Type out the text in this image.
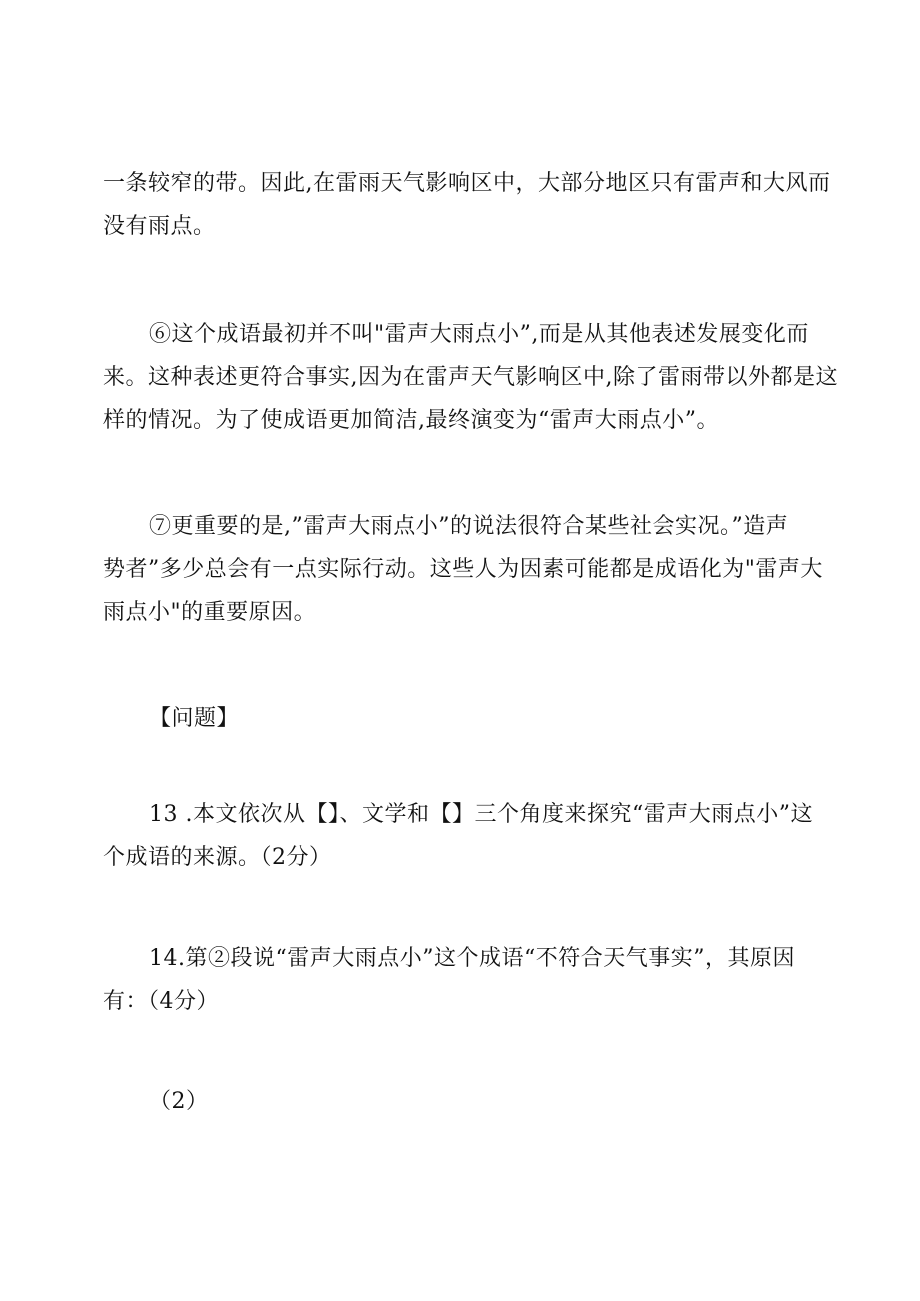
一条较窄的带。因此,在雷雨天气影响区中，大部分地区只有雷声和大风而
没有雨点。

⑥这个成语最初并不叫"雷声大雨点小”,而是从其他表述发展变化而
来。这种表述更符合事实,因为在雷声天气影响区中,除了雷雨带以外都是这
样的情况。为了使成语更加简洁,最终演变为“雷声大雨点小”。

⑦更重要的是,”雷声大雨点小”的说法很符合某些社会实况。”造声
势者”多少总会有一点实际行动。这些人为因素可能都是成语化为"雷声大
雨点小"的重要原因。

【问题】

13 .本文依次从【】、文学和【】三个角度来探究“雷声大雨点小”这
个成语的来源。（2分）

14.第②段说“雷声大雨点小”这个成语“不符合天气事实”，其原因
有：（4分）

（2）
